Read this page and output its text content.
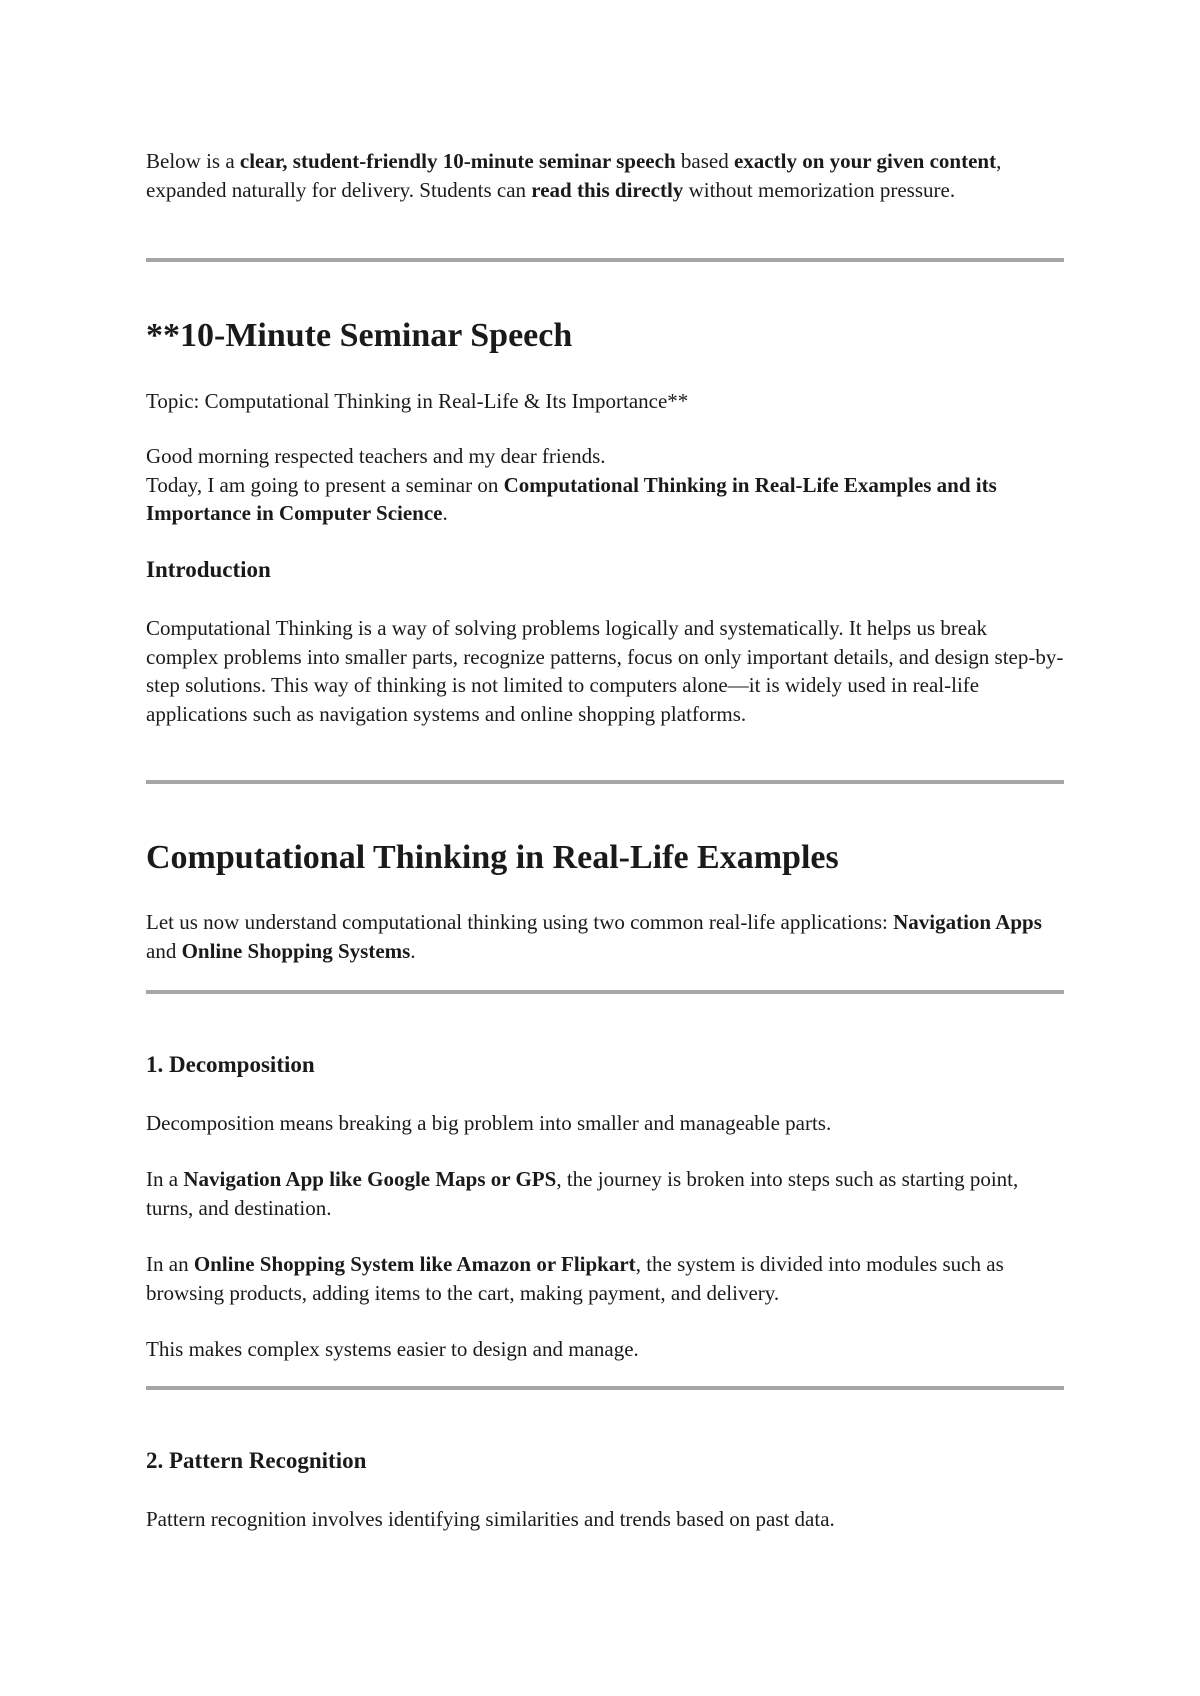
Below is a clear, student-friendly 10-minute seminar speech based exactly on your given content, expanded naturally for delivery. Students can read this directly without memorization pressure.

**10-Minute Seminar Speech

Topic: Computational Thinking in Real-Life & Its Importance**

Good morning respected teachers and my dear friends.

Today, I am going to present a seminar on Computational Thinking in Real-Life Examples and its Importance in Computer Science.

Introduction

Computational Thinking is a way of solving problems logically and systematically. It helps us break complex problems into smaller parts, recognize patterns, focus on only important details, and design step-by-step solutions. This way of thinking is not limited to computers alone—it is widely used in real-life applications such as navigation systems and online shopping platforms.

Computational Thinking in Real-Life Examples

Let us now understand computational thinking using two common real-life applications: Navigation Apps and Online Shopping Systems.

1. Decomposition

Decomposition means breaking a big problem into smaller and manageable parts.

In a Navigation App like Google Maps or GPS, the journey is broken into steps such as starting point, turns, and destination.

In an Online Shopping System like Amazon or Flipkart, the system is divided into modules such as browsing products, adding items to the cart, making payment, and delivery.

This makes complex systems easier to design and manage.

2. Pattern Recognition

Pattern recognition involves identifying similarities and trends based on past data.
